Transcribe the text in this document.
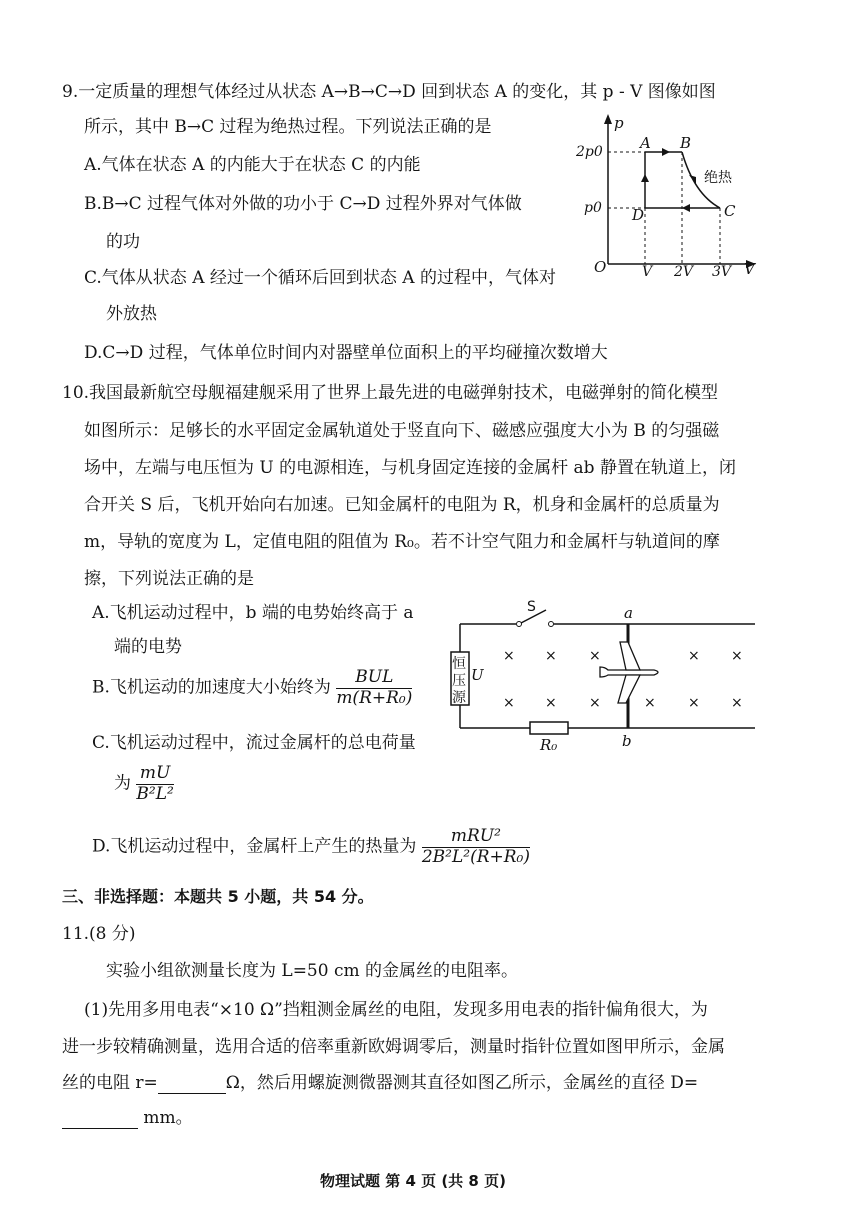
9.一定质量的理想气体经过从状态 A→B→C→D 回到状态 A 的变化，其 p - V 图像如图
所示，其中 B→C 过程为绝热过程。下列说法正确的是
A.气体在状态 A 的内能大于在状态 C 的内能
B.B→C 过程气体对外做的功小于 C→D 过程外界对气体做
的功
C.气体从状态 A 经过一个循环后回到状态 A 的过程中，气体对
外放热
D.C→D 过程，气体单位时间内对器壁单位面积上的平均碰撞次数增大
p
V
O
2p0
p0
V 2V 3V
A B
C
D
绝热
10.我国最新航空母舰福建舰采用了世界上最先进的电磁弹射技术，电磁弹射的简化模型
如图所示：足够长的水平固定金属轨道处于竖直向下、磁感应强度大小为 B 的匀强磁
场中，左端与电压恒为 U 的电源相连，与机身固定连接的金属杆 ab 静置在轨道上，闭
合开关 S 后，飞机开始向右加速。已知金属杆的电阻为 R，机身和金属杆的总质量为
m，导轨的宽度为 L，定值电阻的阻值为 R₀。若不计空气阻力和金属杆与轨道间的摩
擦，下列说法正确的是
A.飞机运动过程中，b 端的电势始终高于 a
端的电势
B.飞机运动的加速度大小始终为 $\frac{\text{BUL}}{\text{m(R+R₀)}}$
C.飞机运动过程中，流过金属杆的总电荷量
为 $\frac{mU}{\text{B²L²}}$
D.飞机运动过程中，金属杆上产生的热量为 $\frac{\text{mRU²}}{\text{2B²L²(R+R₀)}}$
恒
压
源
U
S
R₀
a
b
× × ×	× ×
× × ×	× × ×
三、非选择题：本题共 5 小题，共 54 分。
11.(8 分)
实验小组欲测量长度为 L=50 cm 的金属丝的电阻率。
(1)先用多用电表“×10 Ω”挡粗测金属丝的电阻，发现多用电表的指针偏角很大，为
进一步较精确测量，选用合适的倍率重新欧姆调零后，测量时指针位置如图甲所示，金属
丝的电阻 r=	Ω，然后用螺旋测微器测其直径如图乙所示，金属丝的直径 D=
mm。
物理试题 第 4 页 (共 8 页)
